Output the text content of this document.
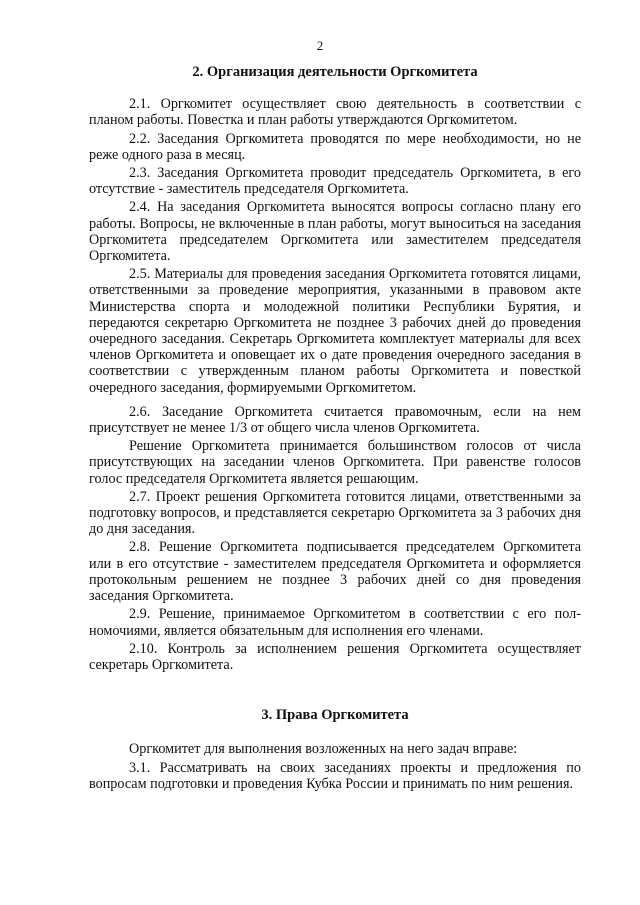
2
2. Организация деятельности Оргкомитета

2.1. Оргкомитет осуществляет свою деятельность в соответствии с планом работы. Повестка и план работы утверждаются Оргкомитетом.

2.2. Заседания Оргкомитета проводятся по мере необходимости, но не реже одного раза в месяц.

2.3. Заседания Оргкомитета проводит председатель Оргкомитета, в его отсутствие - заместитель председателя Оргкомитета.

2.4. На заседания Оргкомитета выносятся вопросы согласно плану его работы. Вопросы, не включенные в план работы, могут выноситься на заседания Оргкомитета председателем Оргкомитета или заместителем председателя Оргкомитета.

2.5. Материалы для проведения заседания Оргкомитета готовятся лицами, ответственными за проведение мероприятия, указанными в правовом акте Министерства спорта и молодежной политики Республики Бурятия, и передаются секретарю Оргкомитета не позднее 3 рабочих дней до проведения очередного заседания. Секретарь Оргкомитета комплектует материалы для всех членов Оргкомитета и оповещает их о дате проведения очередного заседания в соответствии с утвержденным планом работы Оргкомитета и повесткой очередного заседания, формируемыми Оргкомитетом.

2.6. Заседание Оргкомитета считается правомочным, если на нем присутствует не менее 1/3 от общего числа членов Оргкомитета.

Решение Оргкомитета принимается большинством голосов от числа присутствующих на заседании членов Оргкомитета. При равенстве голосов голос председателя Оргкомитета является решающим.

2.7. Проект решения Оргкомитета готовится лицами, ответственными за подготовку вопросов, и представляется секретарю Оргкомитета за 3 рабочих дня до дня заседания.

2.8. Решение Оргкомитета подписывается председателем Оргкомитета или в его отсутствие - заместителем председателя Оргкомитета и оформляется протокольным решением не позднее 3 рабочих дней со дня проведения заседания Оргкомитета.

2.9. Решение, принимаемое Оргкомитетом в соответствии с его полномочиями, является обязательным для исполнения его членами.

2.10. Контроль за исполнением решения Оргкомитета осуществляет секретарь Оргкомитета.

3. Права Оргкомитета

Оргкомитет для выполнения возложенных на него задач вправе:

3.1. Рассматривать на своих заседаниях проекты и предложения по вопросам подготовки и проведения Кубка России и принимать по ним решения.
